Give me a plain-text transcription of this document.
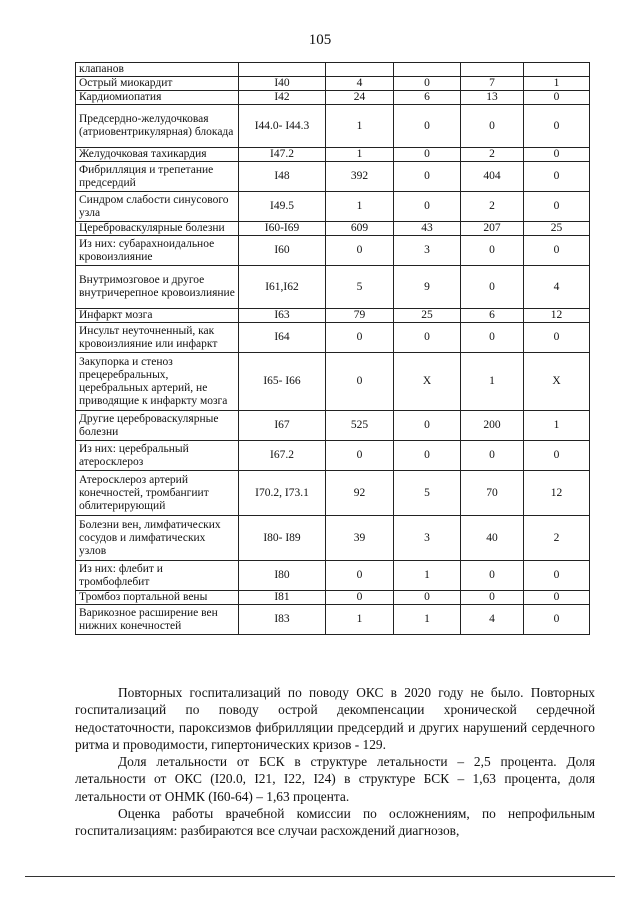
105
клапанов					
Острый миокардит	I40	4	0	7	1
Кардиомиопатия	I42	24	6	13	0
Предсердно-желудочковая (атриовентрикулярная) блокада	I44.0- I44.3	1	0	0	0
Желудочковая тахикардия	I47.2	1	0	2	0
Фибрилляция и трепетание предсердий	I48	392	0	404	0
Синдром слабости синусового узла	I49.5	1	0	2	0
Цереброваскулярные болезни	I60-I69	609	43	207	25
Из них: субарахноидальное кровоизлияние	I60	0	3	0	0
Внутримозговое и другое внутричерепное кровоизлияние	I61,I62	5	9	0	4
Инфаркт мозга	I63	79	25	6	12
Инсульт неуточненный, как кровоизлияние или инфаркт	I64	0	0	0	0
Закупорка и стеноз прецеребральных, церебральных артерий, не приводящие к инфаркту мозга	I65- I66	0	Х	1	Х
Другие цереброваскулярные болезни	I67	525	0	200	1
Из них: церебральный атеросклероз	I67.2	0	0	0	0
Атеросклероз артерий конечностей, тромбангиит облитерирующий	I70.2, I73.1	92	5	70	12
Болезни вен, лимфатических сосудов и лимфатических узлов	I80- I89	39	3	40	2
Из них: флебит и тромбофлебит	I80	0	1	0	0
Тромбоз портальной вены	I81	0	0	0	0
Варикозное расширение вен нижних конечностей	I83	1	1	4	0

Повторных госпитализаций по поводу ОКС в 2020 году не было. Повторных госпитализаций по поводу острой декомпенсации хронической сердечной недостаточности, пароксизмов фибрилляции предсердий и других нарушений сердечного ритма и проводимости, гипертонических кризов - 129.

Доля летальности от БСК в структуре летальности – 2,5 процента. Доля летальности от ОКС (I20.0, I21, I22, I24) в структуре БСК – 1,63 процента, доля летальности от ОНМК (I60-64) – 1,63 процента.

Оценка работы врачебной комиссии по осложнениям, по непрофильным госпитализациям: разбираются все случаи расхождений диагнозов,
